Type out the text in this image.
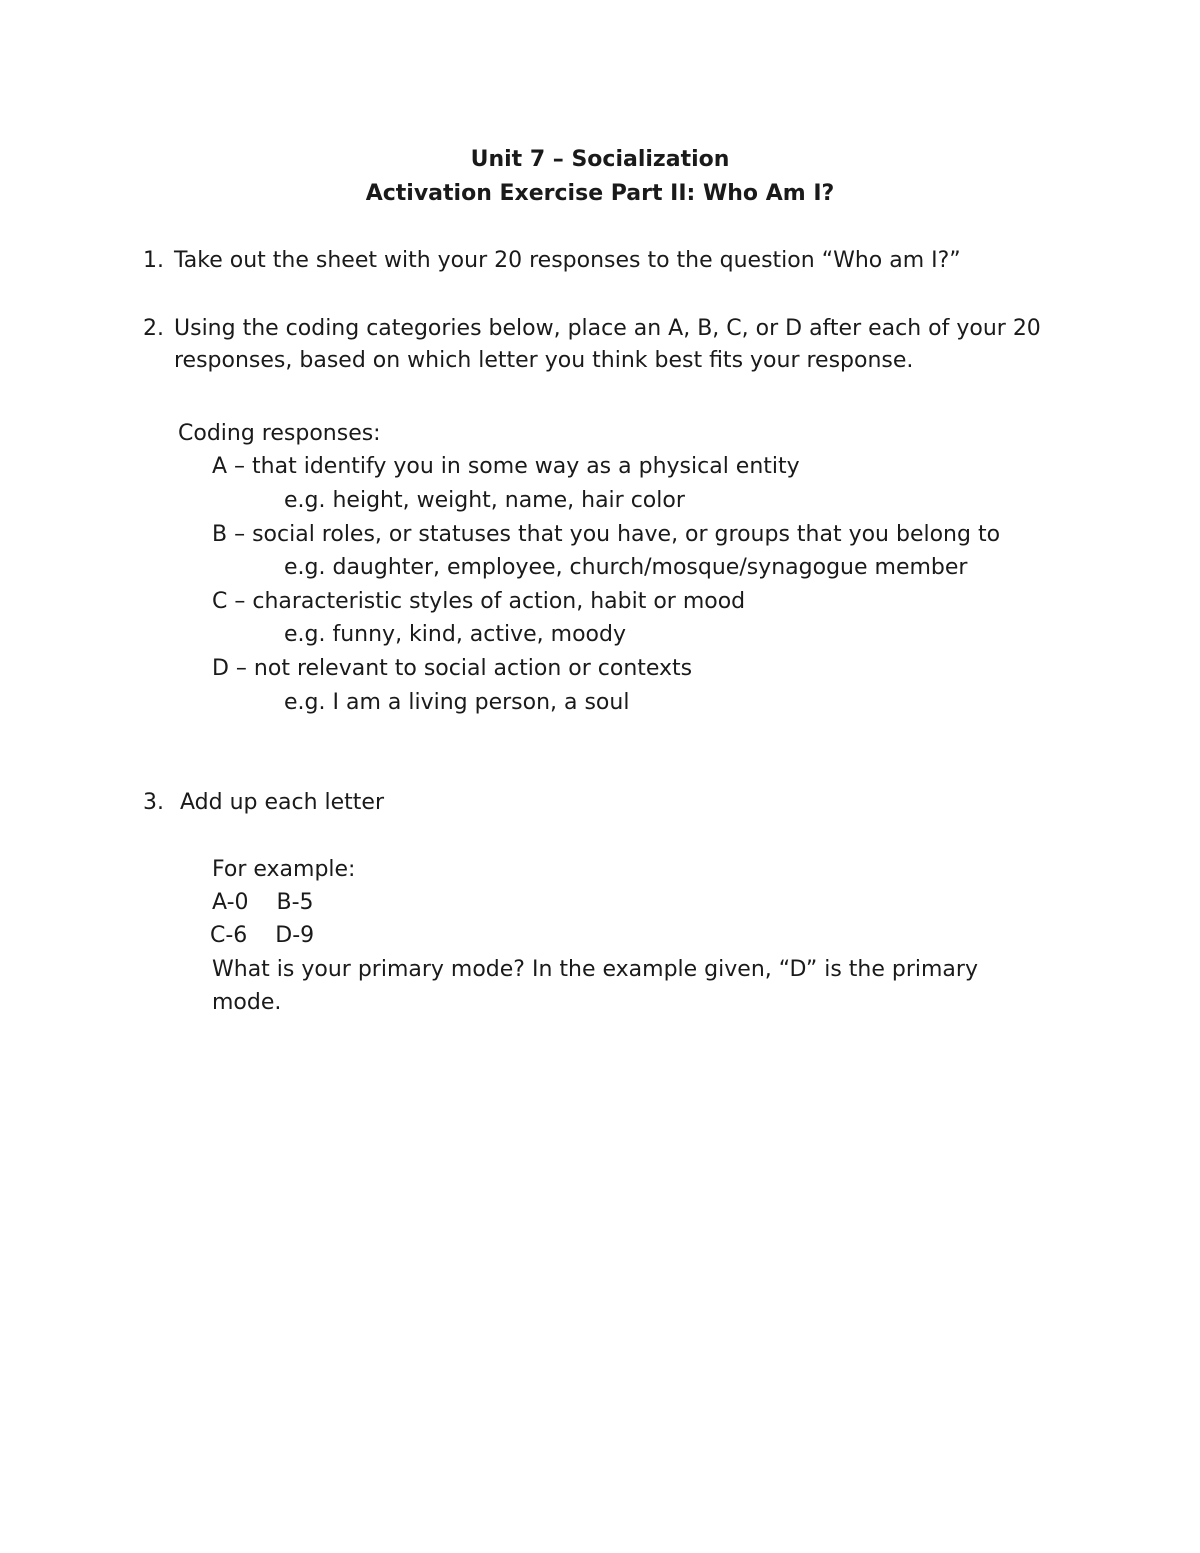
Unit 7 – Socialization
Activation Exercise Part II: Who Am I?
1. Take out the sheet with your 20 responses to the question “Who am I?”
2. Using the coding categories below, place an A, B, C, or D after each of your 20
responses, based on which letter you think best fits your response.
Coding responses:
A – that identify you in some way as a physical entity
e.g. height, weight, name, hair color
B – social roles, or statuses that you have, or groups that you belong to
e.g. daughter, employee, church/mosque/synagogue member
C – characteristic styles of action, habit or mood
e.g. funny, kind, active, moody
D – not relevant to social action or contexts
e.g. I am a living person, a soul
3. Add up each letter
For example:
A-0    B-5
C-6    D-9
What is your primary mode? In the example given, “D” is the primary
mode.
